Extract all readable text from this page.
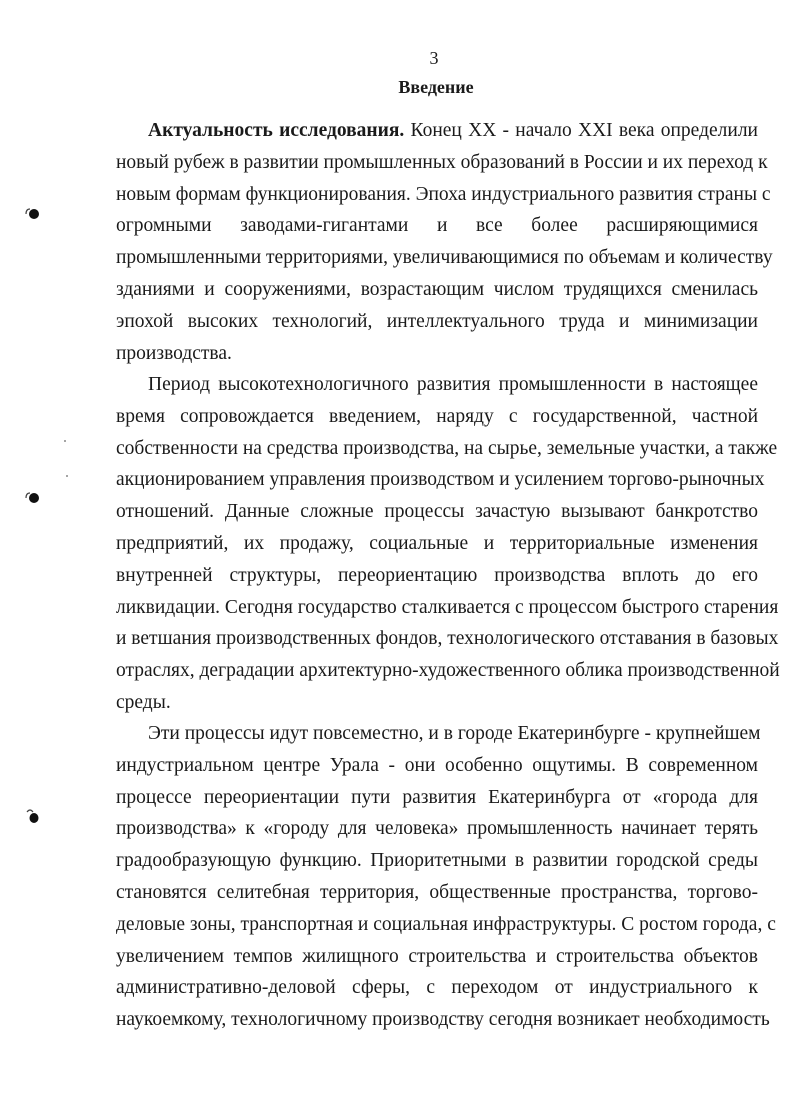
3
Введение
Актуальность исследования. Конец XX - начало XXI века определили
новый рубеж в развитии промышленных образований в России и их переход к
новым формам функционирования. Эпоха индустриального развития страны с
огромными заводами-гигантами и все более расширяющимися
промышленными территориями, увеличивающимися по объемам и количеству
зданиями и сооружениями, возрастающим числом трудящихся сменилась
эпохой высоких технологий, интеллектуального труда и минимизации
производства.
Период высокотехнологичного развития промышленности в настоящее
время сопровождается введением, наряду с государственной, частной
собственности на средства производства, на сырье, земельные участки, а также
акционированием управления производством и усилением торгово-рыночных
отношений. Данные сложные процессы зачастую вызывают банкротство
предприятий, их продажу, социальные и территориальные изменения
внутренней структуры, переориентацию производства вплоть до его
ликвидации. Сегодня государство сталкивается с процессом быстрого старения
и ветшания производственных фондов, технологического отставания в базовых
отраслях, деградации архитектурно-художественного облика производственной
среды.
Эти процессы идут повсеместно, и в городе Екатеринбурге - крупнейшем
индустриальном центре Урала - они особенно ощутимы. В современном
процессе переориентации пути развития Екатеринбурга от «города для
производства» к «городу для человека» промышленность начинает терять
градообразующую функцию. Приоритетными в развитии городской среды
становятся селитебная территория, общественные пространства, торгово-
деловые зоны, транспортная и социальная инфраструктуры. С ростом города, с
увеличением темпов жилищного строительства и строительства объектов
административно-деловой сферы, с переходом от индустриального к
наукоемкому, технологичному производству сегодня возникает необходимость
